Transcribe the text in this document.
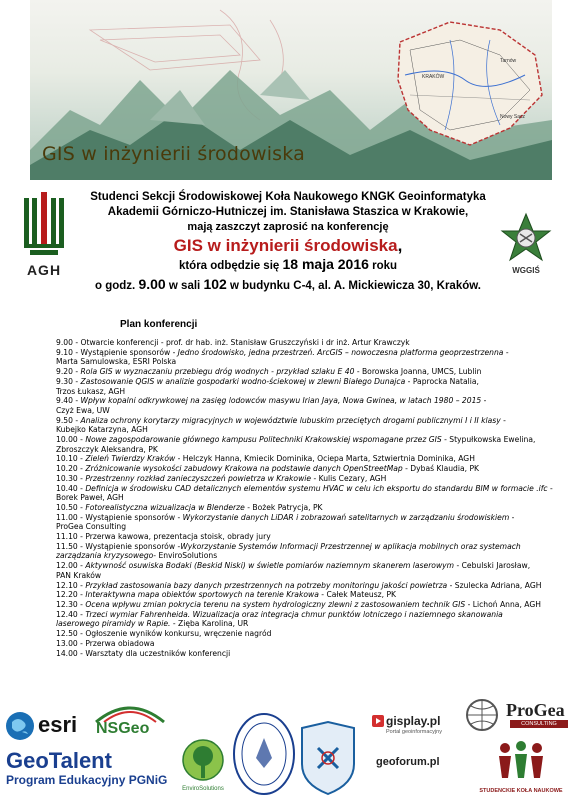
Tarnów
KRAKÓW
Nowy Sącz
GIS w inżynierii środowiska
AGH	WGGIŚ
Studenci Sekcji Środowiskowej Koła Naukowego KNGK Geoinformatyka
Akademii Górniczo-Hutniczej im. Stanisława Staszica w Krakowie,
mają zaszczyt zaprosić na konferencję
GIS w inżynierii środowiska,
która odbędzie się 18 maja 2016 roku
o godz. 9.00 w sali 102 w budynku C-4, al. A. Mickiewicza 30, Kraków.
Plan konferencji
9.00 - Otwarcie konferencji - prof. dr hab. inż. Stanisław Gruszczyński i dr inż. Artur Krawczyk
9.10 - Wystąpienie sponsorów - Jedno środowisko, jedna przestrzeń. ArcGIS – nowoczesna platforma geoprzestrzenna -
Marta Samulowska, ESRI Polska
9.20 - Rola GIS w wyznaczaniu przebiegu dróg wodnych - przykład szlaku E 40 - Borowska Joanna, UMCS, Lublin
9.30 - Zastosowanie QGIS w analizie gospodarki wodno-ściekowej w zlewni Białego Dunajca - Paprocka Natalia,
Trzos Łukasz, AGH
9.40 - Wpływ kopalni odkrywkowej na zasięg lodowców masywu Irian Jaya, Nowa Gwinea, w latach 1980 – 2015 -
Czyż Ewa, UW
9.50 - Analiza ochrony korytarzy migracyjnych w województwie lubuskim przeciętych drogami publicznymi I i II klasy -
Kubejko Katarzyna, AGH
10.00 - Nowe zagospodarowanie głównego kampusu Politechniki Krakowskiej wspomagane przez GIS - Stypułkowska Ewelina,
Zbroszczyk Aleksandra, PK
10.10 - Zieleń Twierdzy Kraków - Helczyk Hanna, Kmiecik Dominika, Ociepa Marta, Sztwiertnia Dominika, AGH
10.20 - Zróżnicowanie wysokości zabudowy Krakowa na podstawie danych OpenStreetMap - Dybaś Klaudia, PK
10.30 - Przestrzenny rozkład zanieczyszczeń powietrza w Krakowie - Kulis Cezary, AGH
10.40 - Definicja w środowisku CAD detalicznych elementów systemu HVAC w celu ich eksportu do standardu BIM w formacie .ifc -
Borek Paweł, AGH
10.50 - Fotorealistyczna wizualizacja w Blenderze - Bożek Patrycja, PK
11.00 - Wystąpienie sponsorów - Wykorzystanie danych LiDAR i zobrazowań satelitarnych w zarządzaniu środowiskiem -
ProGea Consulting
11.10 - Przerwa kawowa, prezentacja stoisk, obrady jury
11.50 - Wystąpienie sponsorów -Wykorzystanie Systemów Informacji Przestrzennej w aplikacja mobilnych oraz systemach
zarządzania kryzysowego- EnviroSolutions
12.00 - Aktywność osuwiska Bodaki (Beskid Niski) w świetle pomiarów naziemnym skanerem laserowym - Cebulski Jarosław,
PAN Kraków
12.10 - Przykład zastosowania bazy danych przestrzennych na potrzeby monitoringu jakości powietrza - Szulecka Adriana, AGH
12.20 - Interaktywna mapa obiektów sportowych na terenie Krakowa - Całek Mateusz, PK
12.30 - Ocena wpływu zmian pokrycia terenu na system hydrologiczny zlewni z zastosowaniem technik GIS - Lichoń Anna, AGH
12.40 - Trzeci wymiar Fahrenheida. Wizualizacja oraz integracja chmur punktów lotniczego i naziemnego skanowania
laserowego piramidy w Rapie. - Zięba Karolina, UR
12.50 - Ogłoszenie wyników konkursu, wręczenie nagród
13.00 - Przerwa obiadowa
14.00 - Warsztaty dla uczestników konferencji
esri NSGeo
GeoTalent
Program Edukacyjny PGNiG
EnviroSolutions
gisplay.pl
Portal geoinformacyjny
geoforum.pl
ProGea
CONSULTING
STUDENCKIE KOŁA NAUKOWE
